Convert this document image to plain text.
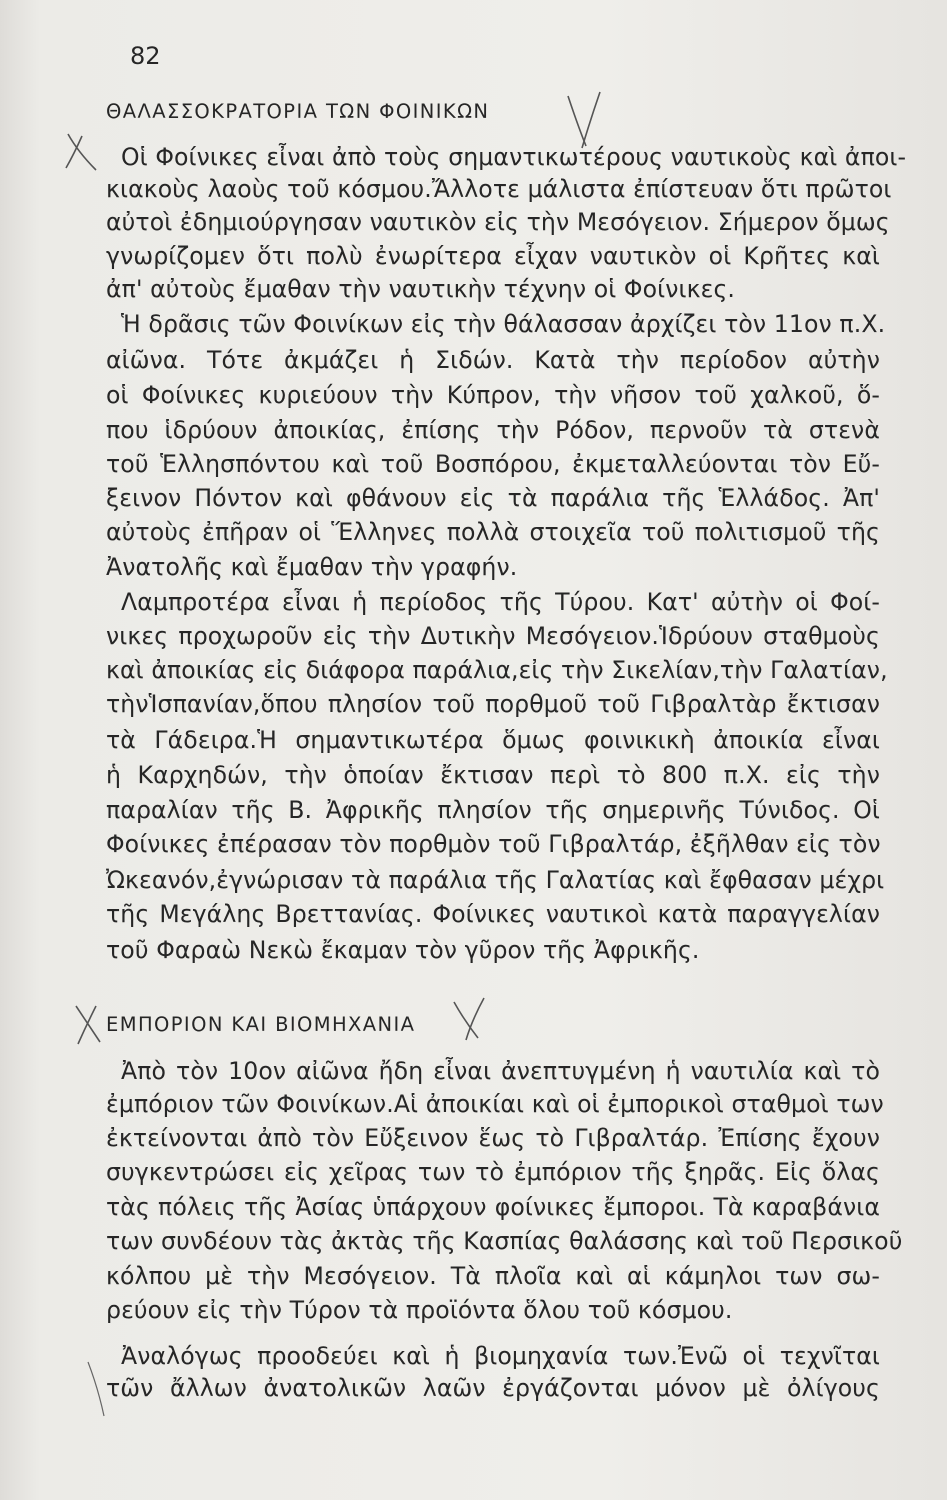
82
ΘΑΛΑΣΣΟΚΡΑΤΟΡΙΑ ΤΩΝ ΦΟΙΝΙΚΩΝ
Οἱ Φοίνικες εἶναι ἀπὸ τοὺς σημαντικωτέρους ναυτικοὺς καὶ ἀποι-
κιακοὺς λαοὺς τοῦ κόσμου.Ἄλλοτε μάλιστα ἐπίστευαν ὅτι πρῶτοι
αὐτοὶ ἐδημιούργησαν ναυτικὸν εἰς τὴν Μεσόγειον. Σήμερον ὅμως
γνωρίζομεν ὅτι πολὺ ἐνωρίτερα εἶχαν ναυτικὸν οἱ Κρῆτες καὶ
ἀπ' αὐτοὺς ἔμαθαν τὴν ναυτικὴν τέχνην οἱ Φοίνικες.
Ἡ δρᾶσις τῶν Φοινίκων εἰς τὴν θάλασσαν ἀρχίζει τὸν 11ον π.Χ.
αἰῶνα. Τότε ἀκμάζει ἡ Σιδών. Κατὰ τὴν περίοδον αὐτὴν
οἱ Φοίνικες κυριεύουν τὴν Κύπρον, τὴν νῆσον τοῦ χαλκοῦ, ὅ-
που ἱδρύουν ἀποικίας, ἐπίσης τὴν Ρόδον, περνοῦν τὰ στενὰ
τοῦ Ἑλλησπόντου καὶ τοῦ Βοσπόρου, ἐκμεταλλεύονται τὸν Εὔ-
ξεινον Πόντον καὶ φθάνουν εἰς τὰ παράλια τῆς Ἑλλάδος. Ἀπ'
αὐτοὺς ἐπῆραν οἱ Ἕλληνες πολλὰ στοιχεῖα τοῦ πολιτισμοῦ τῆς
Ἀνατολῆς καὶ ἔμαθαν τὴν γραφήν.
Λαμπροτέρα εἶναι ἡ περίοδος τῆς Τύρου. Κατ' αὐτὴν οἱ Φοί-
νικες προχωροῦν εἰς τὴν Δυτικὴν Μεσόγειον.Ἱδρύουν σταθμοὺς
καὶ ἀποικίας εἰς διάφορα παράλια,εἰς τὴν Σικελίαν,τὴν Γαλατίαν,
τὴνἹσπανίαν,ὅπου πλησίον τοῦ πορθμοῦ τοῦ Γιβραλτὰρ ἔκτισαν
τὰ Γάδειρα.Ἡ σημαντικωτέρα ὅμως φοινικικὴ ἀποικία εἶναι
ἡ Καρχηδών, τὴν ὁποίαν ἔκτισαν περὶ τὸ 800 π.Χ. εἰς τὴν
παραλίαν τῆς Β. Ἀφρικῆς πλησίον τῆς σημερινῆς Τύνιδος. Οἱ
Φοίνικες ἐπέρασαν τὸν πορθμὸν τοῦ Γιβραλτάρ, ἐξῆλθαν εἰς τὸν
Ὠκεανόν,ἐγνώρισαν τὰ παράλια τῆς Γαλατίας καὶ ἔφθασαν μέχρι
τῆς Μεγάλης Βρεττανίας. Φοίνικες ναυτικοὶ κατὰ παραγγελίαν
τοῦ Φαραὼ Νεκὼ ἔκαμαν τὸν γῦρον τῆς Ἀφρικῆς.
ΕΜΠΟΡΙΟΝ ΚΑΙ ΒΙΟΜΗΧΑΝΙΑ
Ἀπὸ τὸν 10ον αἰῶνα ἤδη εἶναι ἀνεπτυγμένη ἡ ναυτιλία καὶ τὸ
ἐμπόριον τῶν Φοινίκων.Αἱ ἀποικίαι καὶ οἱ ἐμπορικοὶ σταθμοὶ των
ἐκτείνονται ἀπὸ τὸν Εὔξεινον ἕως τὸ Γιβραλτάρ. Ἐπίσης ἔχουν
συγκεντρώσει εἰς χεῖρας των τὸ ἐμπόριον τῆς ξηρᾶς. Εἰς ὅλας
τὰς πόλεις τῆς Ἀσίας ὑπάρχουν φοίνικες ἔμποροι. Τὰ καραβάνια
των συνδέουν τὰς ἀκτὰς τῆς Κασπίας θαλάσσης καὶ τοῦ Περσικοῦ
κόλπου μὲ τὴν Μεσόγειον. Τὰ πλοῖα καὶ αἱ κάμηλοι των σω-
ρεύουν εἰς τὴν Τύρον τὰ προϊόντα ὅλου τοῦ κόσμου.
Ἀναλόγως προοδεύει καὶ ἡ βιομηχανία των.Ἐνῶ οἱ τεχνῖται
τῶν ἄλλων ἀνατολικῶν λαῶν ἐργάζονται μόνον μὲ ὀλίγους
